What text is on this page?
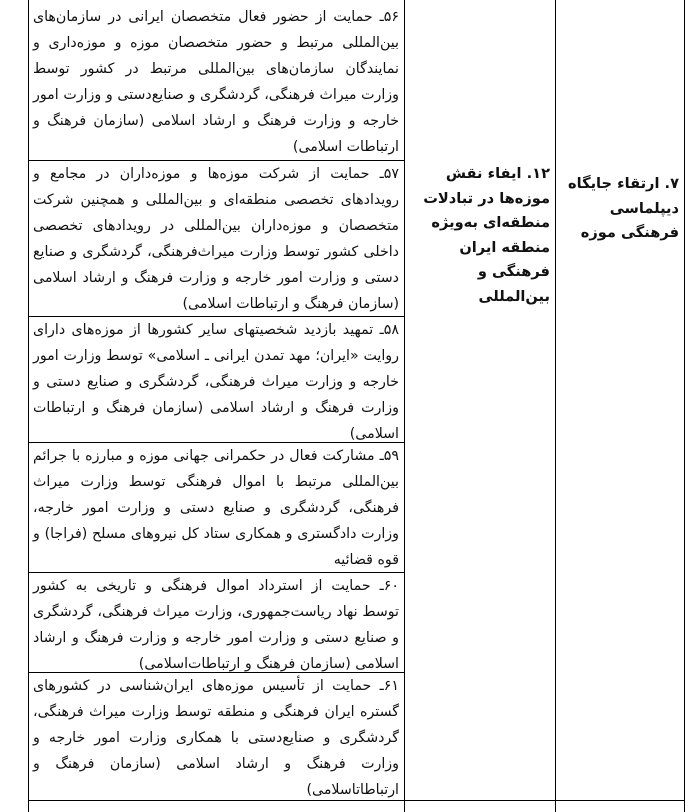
۷. ارتقاء جایگاه دیپلماسی فرهنگی موزه
۱۲. ایفاء نقش موزه‌ها در تبادلات منطقه‌ای به‌ویژه منطقه ایران فرهنگی و بین‌المللی
۵۶ـ حمایت از حضور فعال متخصصان ایرانی در سازمان‌های بین‌المللی مرتبط و حضور متخصصان موزه و موزه‌داری و نمایندگان سازمان‌های بین‌المللی مرتبط در کشور توسط وزارت میراث فرهنگی، گردشگری و صنایع‌دستی و وزارت امور خارجه و وزارت فرهنگ و ارشاد اسلامی (سازمان فرهنگ و ارتباطات اسلامی)
۵۷ـ حمایت از شرکت موزه‌ها و موزه‌داران در مجامع و رویدادهای تخصصی منطقه‌ای و بین‌المللی و همچنین شرکت متخصصان و موزه‌داران بین‌المللی در رویدادهای تخصصی داخلی کشور توسط وزارت میراث‌فرهنگی، گردشگری و صنایع دستی و وزارت امور خارجه و وزارت فرهنگ و ارشاد اسلامی (سازمان فرهنگ و ارتباطات اسلامی)
۵۸ـ تمهید بازدید شخصیتهای سایر کشورها از موزه‌های دارای روایت «ایران؛ مهد تمدن ایرانی ـ اسلامی» توسط وزارت امور خارجه و وزارت میراث فرهنگی، گردشگری و صنایع دستی و وزارت فرهنگ و ارشاد اسلامی (سازمان فرهنگ و ارتباطات اسلامی)
۵۹ـ مشارکت فعال در حکمرانی جهانی موزه و مبارزه با جرائم بین‌المللی مرتبط با اموال فرهنگی توسط وزارت میراث فرهنگی، گردشگری و صنایع دستی و وزارت امور خارجه، وزارت دادگستری و همکاری ستاد کل نیروهای مسلح (فراجا) و قوه قضائیه
۶۰ـ حمایت از استرداد اموال فرهنگی و تاریخی به کشور توسط نهاد ریاست‌جمهوری، وزارت میراث فرهنگی، گردشگری و صنایع دستی و وزارت امور خارجه و وزارت فرهنگ و ارشاد اسلامی (سازمان فرهنگ و ارتباطات‌اسلامی)
۶۱ـ حمایت از تأسیس موزه‌های ایران‌شناسی در کشورهای گستره ایران فرهنگی و منطقه توسط وزارت میراث فرهنگی، گردشگری و صنایع‌دستی با همکاری وزارت امور خارجه و وزارت فرهنگ و ارشاد اسلامی (سازمان فرهنگ و ارتباطاتاسلامی)
